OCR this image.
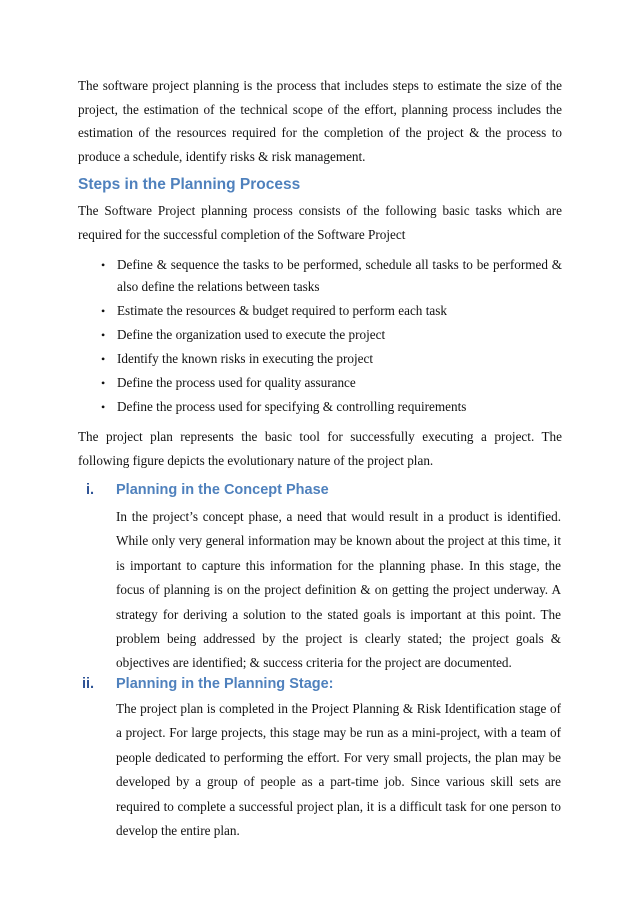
The software project planning is the process that includes steps to estimate the size of the project, the estimation of the technical scope of the effort, planning process includes the estimation of the resources required for the completion of the project & the process to produce a schedule, identify risks & risk management.

Steps in the Planning Process

The Software Project planning process consists of the following basic tasks which are required for the successful completion of the Software Project

• Define & sequence the tasks to be performed, schedule all tasks to be performed & also define the relations between tasks
• Estimate the resources & budget required to perform each task
• Define the organization used to execute the project
• Identify the known risks in executing the project
• Define the process used for quality assurance
• Define the process used for specifying & controlling requirements

The project plan represents the basic tool for successfully executing a project. The following figure depicts the evolutionary nature of the project plan.

i. Planning in the Concept Phase

In the project’s concept phase, a need that would result in a product is identified. While only very general information may be known about the project at this time, it is important to capture this information for the planning phase. In this stage, the focus of planning is on the project definition & on getting the project underway. A strategy for deriving a solution to the stated goals is important at this point. The problem being addressed by the project is clearly stated; the project goals & objectives are identified; & success criteria for the project are documented.

ii. Planning in the Planning Stage:

The project plan is completed in the Project Planning & Risk Identification stage of a project. For large projects, this stage may be run as a mini-project, with a team of people dedicated to performing the effort. For very small projects, the plan may be developed by a group of people as a part-time job. Since various skill sets are required to complete a successful project plan, it is a difficult task for one person to develop the entire plan.
